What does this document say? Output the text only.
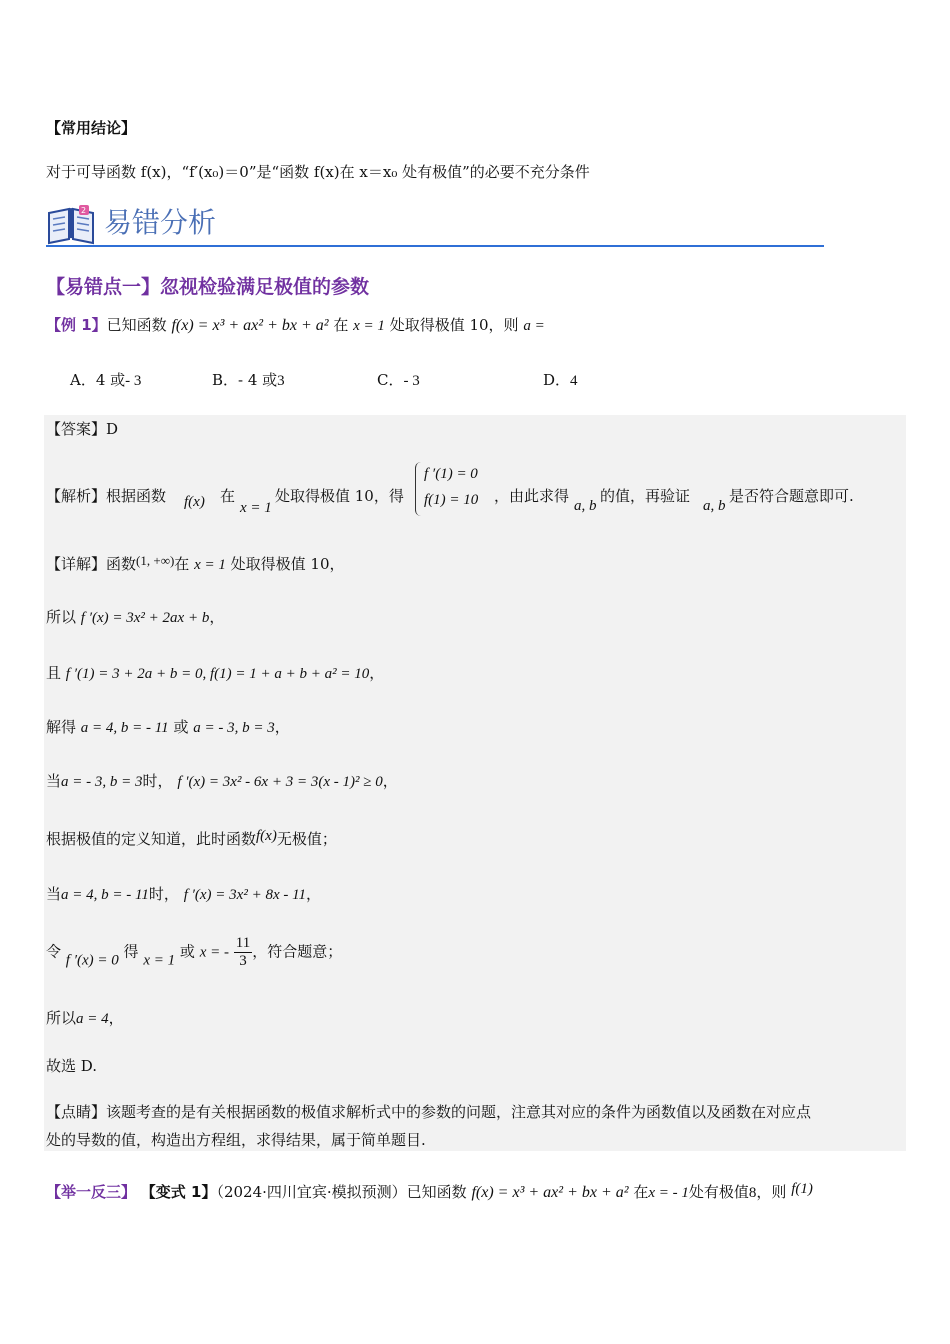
【常用结论】
对于可导函数 f(x)，“f′(x₀)＝0”是“函数 f(x)在 x＝x₀ 处有极值”的必要不充分条件
2 易错分析
【易错点一】忽视检验满足极值的参数
【例 1】已知函数 f(x) = x³ + ax² + bx + a² 在 x = 1 处取得极值 10，则 a =
A．4 或- 3	B．- 4 或3	C．- 3	D．4
【答案】D
【解析】根据函数 f(x) 在
x = 1
处取得极值 10，得
f ′(1) = 0
f(1) = 10 ，由此求得
a, b
的值，再验证
a, b
是否符合题意即可.
【详解】函数(1, +∞)在 x = 1 处取得极值 10，
所以 f ′(x) = 3x² + 2ax + b，
且 f ′(1) = 3 + 2a + b = 0, f(1) = 1 + a + b + a² = 10，
解得 a = 4, b = - 11 或 a = - 3, b = 3，
当a = - 3, b = 3时， f ′(x) = 3x² - 6x + 3 = 3(x - 1)² ≥ 0，
根据极值的定义知道，此时函数f(x)无极值；
当a = 4, b = - 11时， f ′(x) = 3x² + 8x - 11，
令 f ′(x) = 0 得 x = 1 或 x = - $\frac{11}{3}$ ，符合题意；
所以a = 4，
故选 D.
【点睛】该题考查的是有关根据函数的极值求解析式中的参数的问题，注意其对应的条件为函数值以及函数在对应点
处的导数的值，构造出方程组，求得结果，属于简单题目.
【举一反三】 【变式 1】（2024·四川宜宾·模拟预测）已知函数 f(x) = x³ + ax² + bx + a² 在x = - 1处有极值8，则 f(1)
